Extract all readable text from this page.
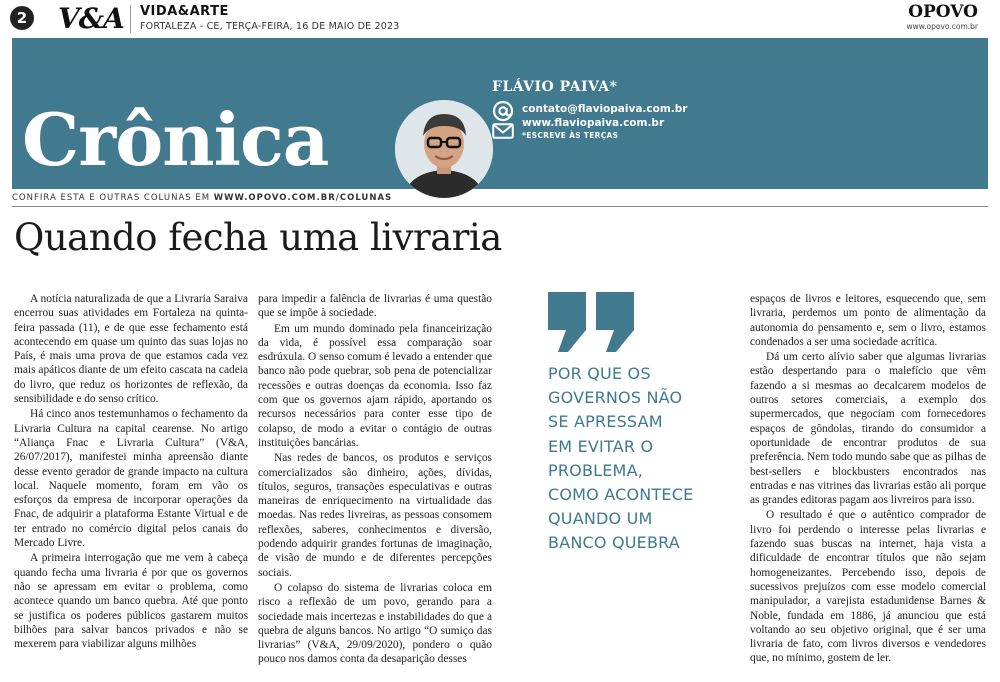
2 V&A VIDA&ARTE
FORTALEZA - CE, TERÇA-FEIRA, 16 DE MAIO DE 2023
OPOVO
www.opovo.com.br
Crônica
FLÁVIO PAIVA*
contato@flaviopaiva.com.br
www.flaviopaiva.com.br
*ESCREVE ÀS TERÇAS
CONFIRA ESTA E OUTRAS COLUNAS EM WWW.OPOVO.COM.BR/COLUNAS
Quando fecha uma livraria

A notícia naturalizada de que a Livraria Saraiva encerrou suas atividades em Fortaleza na quinta-feira passada (11), e de que esse fechamento está acontecendo em quase um quinto das suas lojas no País, é mais uma prova de que estamos cada vez mais apáticos diante de um efeito cascata na cadeia do livro, que reduz os horizontes de reflexão, da sensibilidade e do senso crítico.

Há cinco anos testemunhamos o fechamento da Livraria Cultura na capital cearense. No artigo “Aliança Fnac e Livraria Cultura” (V&A, 26/07/2017), manifestei minha apreensão diante desse evento gerador de grande impacto na cultura local. Naquele momento, foram em vão os esforços da empresa de incorporar operações da Fnac, de adquirir a plataforma Estante Virtual e de ter entrado no comércio digital pelos canais do Mercado Livre.

A primeira interrogação que me vem à cabeça quando fecha uma livraria é por que os governos não se apressam em evitar o problema, como acontece quando um banco quebra. Até que ponto se justifica os poderes públicos gastarem muitos bilhões para salvar bancos privados e não se mexerem para viabilizar alguns milhões

para impedir a falência de livrarias é uma questão que se impõe à sociedade.

Em um mundo dominado pela financeirização da vida, é possível essa comparação soar esdrúxula. O senso comum é levado a entender que banco não pode quebrar, sob pena de potencializar recessões e outras doenças da economia. Isso faz com que os governos ajam rápido, aportando os recursos necessários para conter esse tipo de colapso, de modo a evitar o contágio de outras instituições bancárias.

Nas redes de bancos, os produtos e serviços comercializados são dinheiro, ações, dívidas, títulos, seguros, transações especulativas e outras maneiras de enriquecimento na virtualidade das moedas. Nas redes livreiras, as pessoas consomem reflexões, saberes, conhecimentos e diversão, podendo adquirir grandes fortunas de imaginação, de visão de mundo e de diferentes percepções sociais.

O colapso do sistema de livrarias coloca em risco a reflexão de um povo, gerando para a sociedade mais incertezas e instabilidades do que a quebra de alguns bancos. No artigo “O sumiço das livrarias” (V&A, 29/09/2020), pondero o quão pouco nos damos conta da desaparição desses

POR QUE OS
GOVERNOS NÃO
SE APRESSAM
EM EVITAR O
PROBLEMA,
COMO ACONTECE
QUANDO UM
BANCO QUEBRA

espaços de livros e leitores, esquecendo que, sem livraria, perdemos um ponto de alimentação da autonomia do pensamento e, sem o livro, estamos condenados a ser uma sociedade acrítica.

Dá um certo alívio saber que algumas livrarias estão despertando para o malefício que vêm fazendo a si mesmas ao decalcarem modelos de outros setores comerciais, a exemplo dos supermercados, que negociam com fornecedores espaços de gôndolas, tirando do consumidor a oportunidade de encontrar produtos de sua preferência. Nem todo mundo sabe que as pilhas de best-sellers e blockbusters encontrados nas entradas e nas vitrines das livrarias estão ali porque as grandes editoras pagam aos livreiros para isso.

O resultado é que o autêntico comprador de livro foi perdendo o interesse pelas livrarias e fazendo suas buscas na internet, haja vista a dificuldade de encontrar títulos que não sejam homogeneizantes. Percebendo isso, depois de sucessivos prejuízos com esse modelo comercial manipulador, a varejista estadunidense Barnes & Noble, fundada em 1886, já anunciou que está voltando ao seu objetivo original, que é ser uma livraria de fato, com livros diversos e vendedores que, no mínimo, gostem de ler.
